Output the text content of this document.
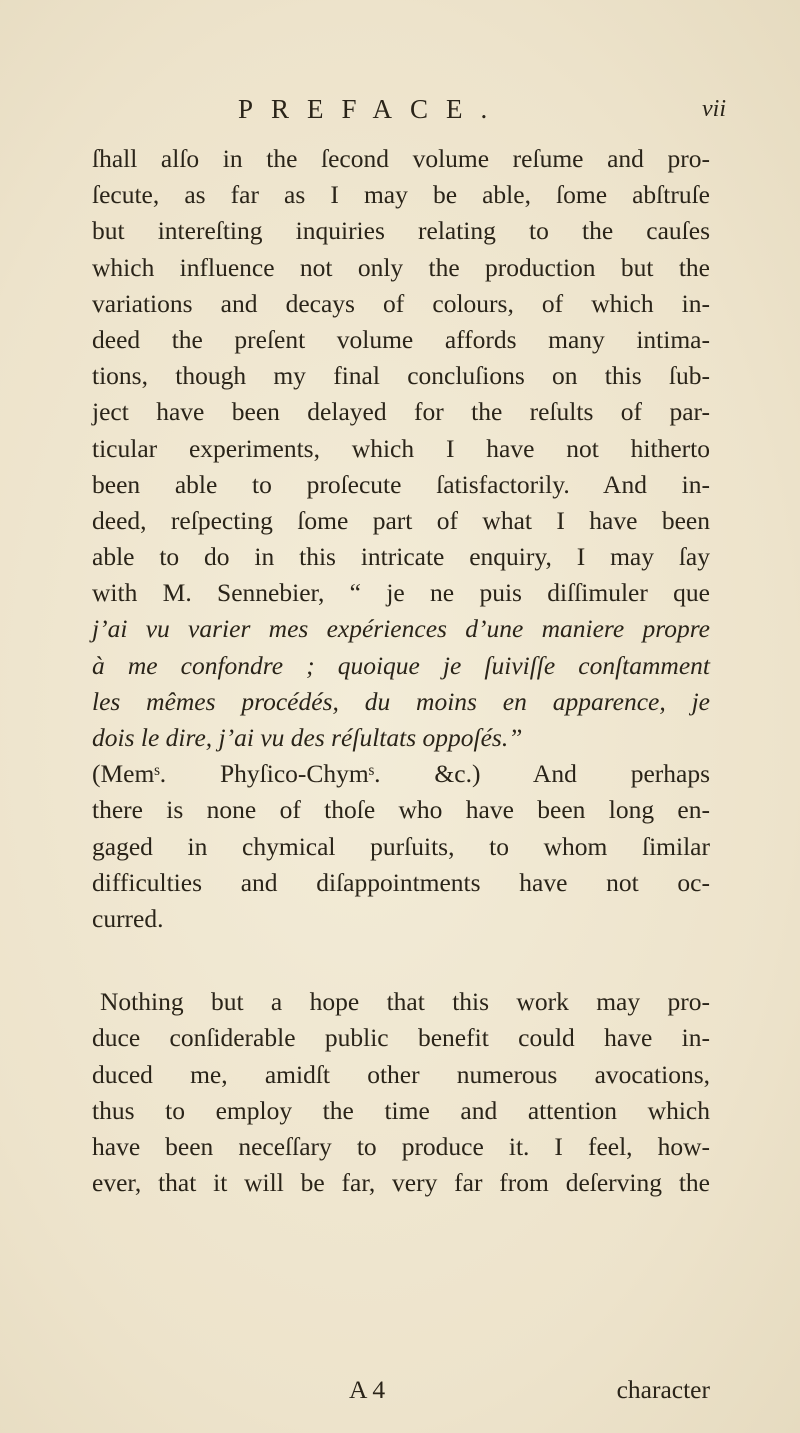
PREFACE.	vii
ſhall alſo in the ſecond volume reſume and pro-
ſecute, as far as I may be able, ſome abſtruſe
but intereſting inquiries relating to the cauſes
which influence not only the production but the
variations and decays of colours, of which in-
deed the preſent volume affords many intima-
tions, though my final concluſions on this ſub-
ject have been delayed for the reſults of par-
ticular experiments, which I have not hitherto
been able to proſecute ſatisfactorily. And in-
deed, reſpecting ſome part of what I have been
able to do in this intricate enquiry, I may ſay
with M. Sennebier, “ je ne puis diſſimuler que
j’ai vu varier mes expériences d’une maniere propre
à me confondre ; quoique je ſuiviſſe conſtamment
les mêmes procédés, du moins en apparence, je
dois le dire, j’ai vu des réſultats oppoſés.”
(Memˢ. Phyſico-Chymˢ. &c.) And perhaps
there is none of thoſe who have been long en-
gaged in chymical purſuits, to whom ſimilar
difficulties and diſappointments have not oc-
curred.
Nothing but a hope that this work may pro-
duce conſiderable public benefit could have in-
duced me, amidſt other numerous avocations,
thus to employ the time and attention which
have been neceſſary to produce it. I feel, how-
ever, that it will be far, very far from deſerving the
A 4	character
